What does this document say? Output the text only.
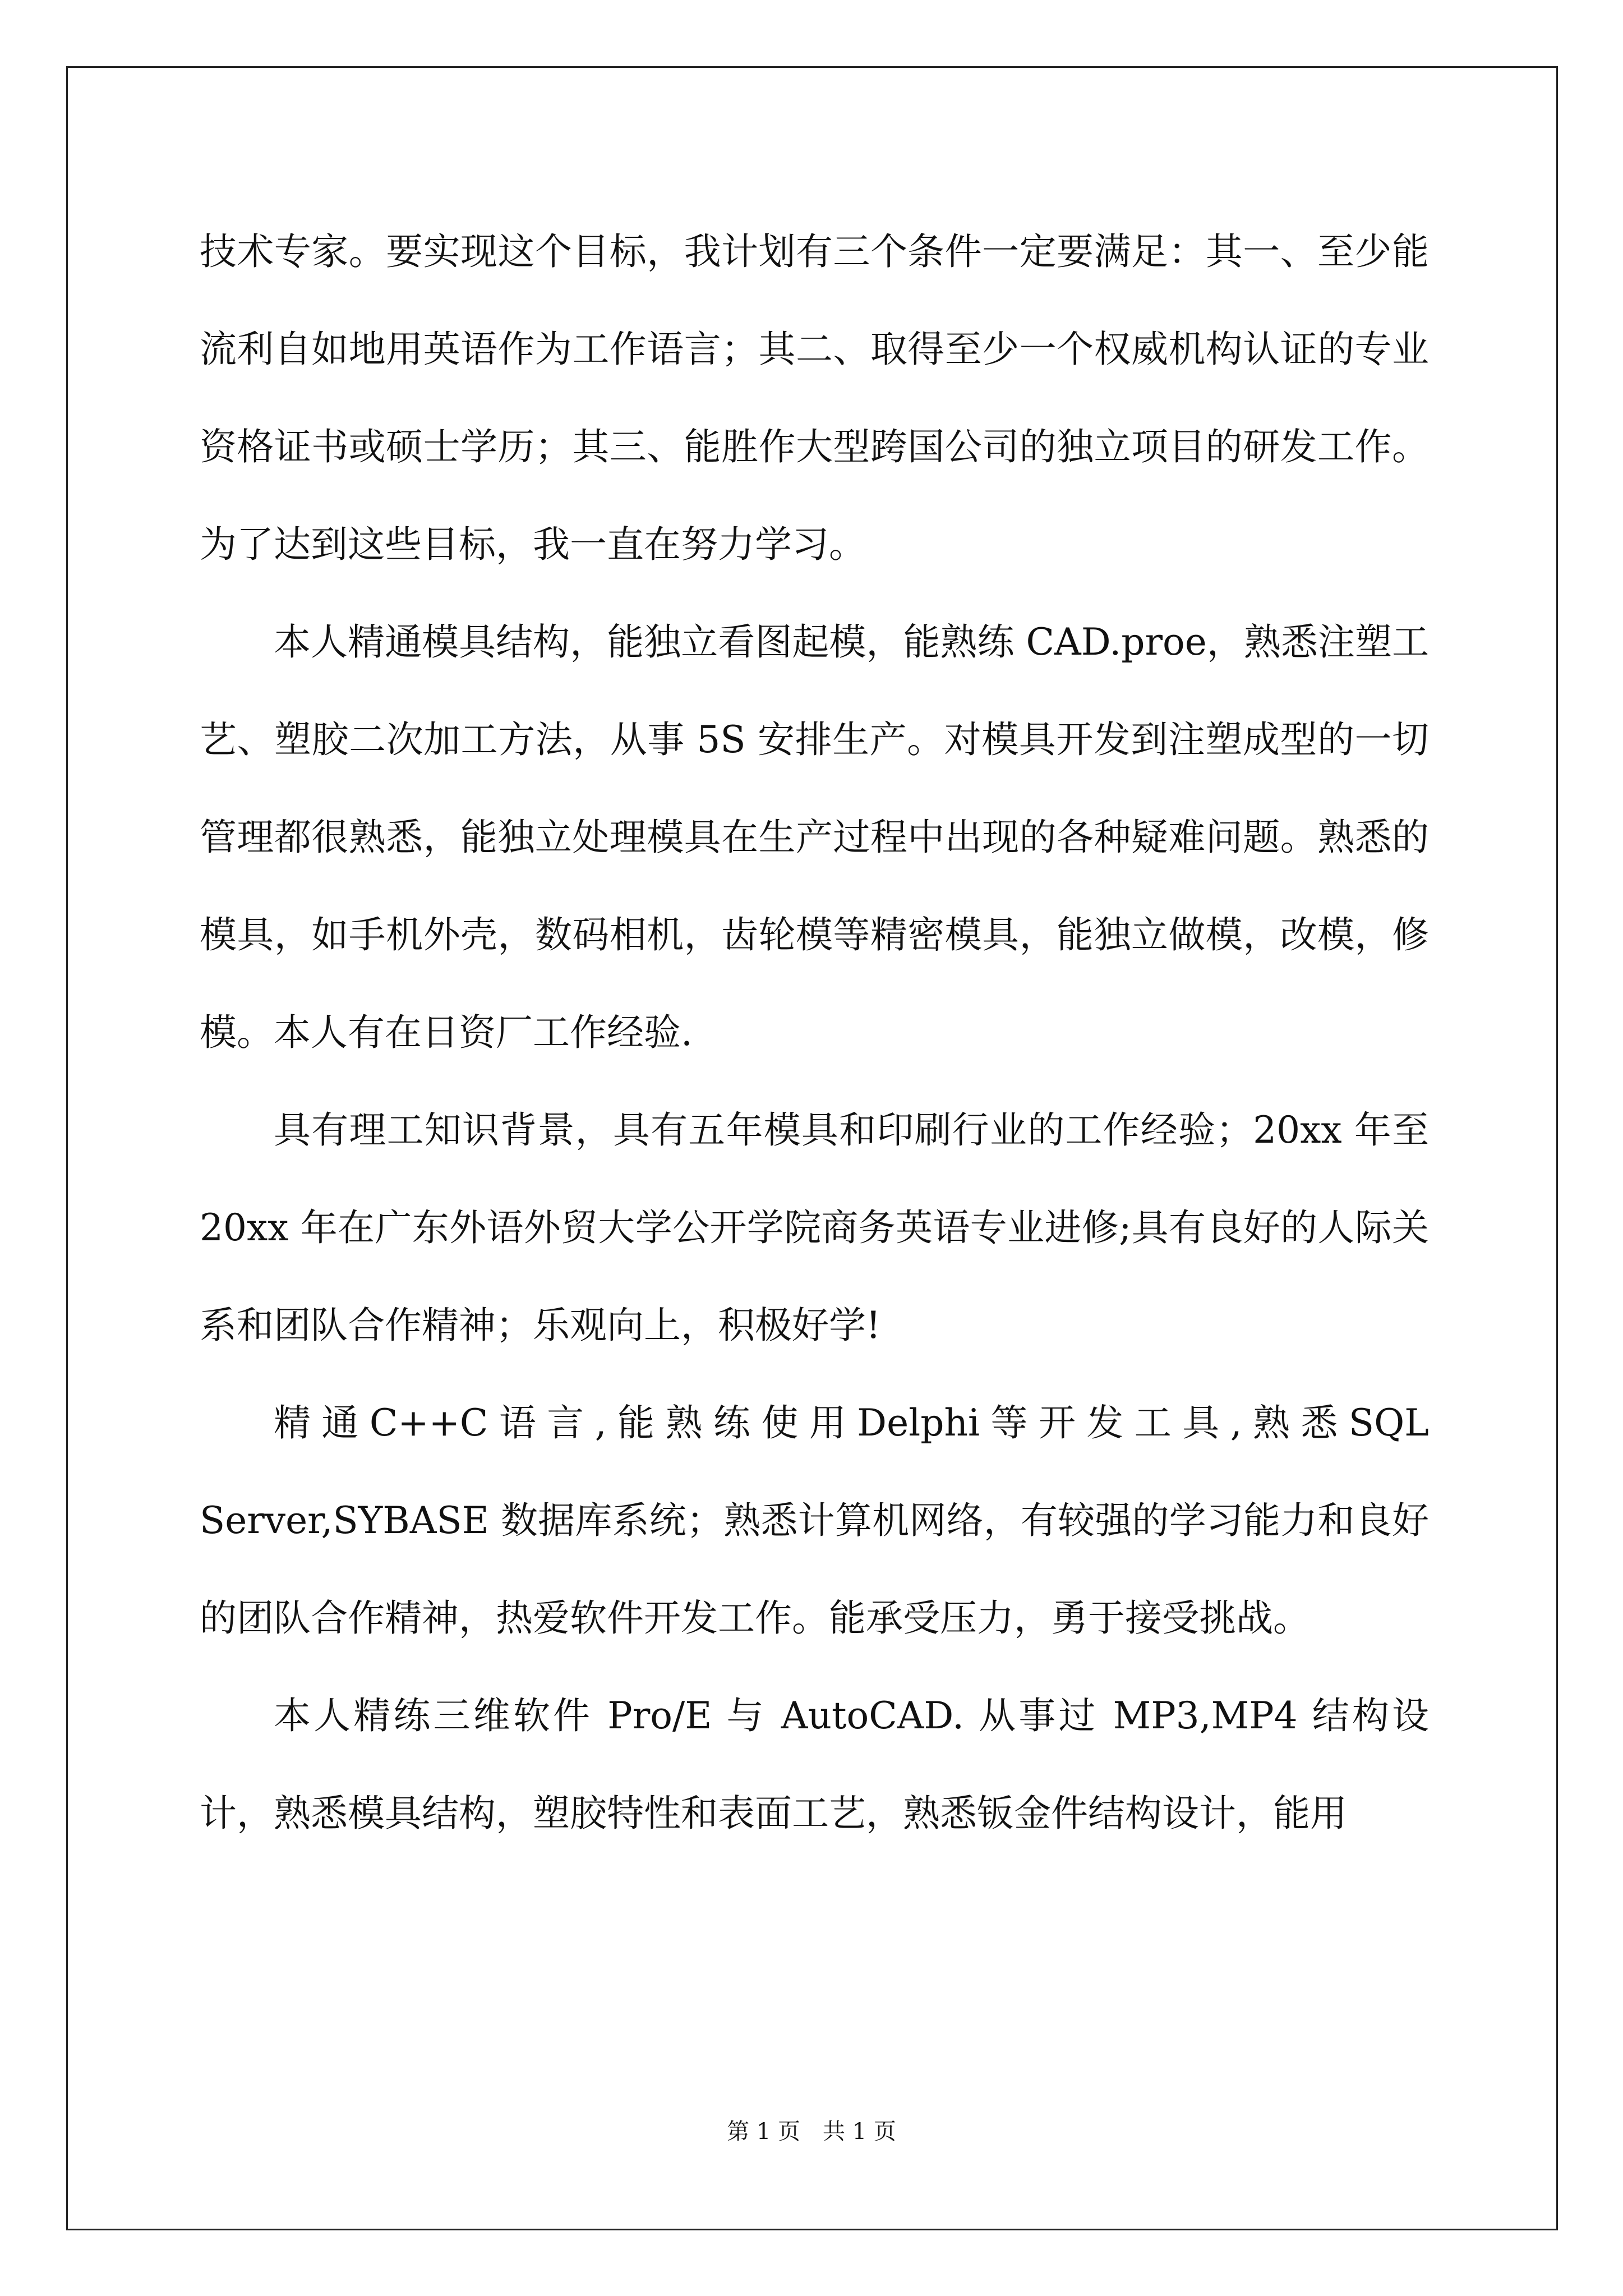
技术专家。要实现这个目标，我计划有三个条件一定要满足：其一、至少能流利自如地用英语作为工作语言；其二、取得至少一个权威机构认证的专业资格证书或硕士学历；其三、能胜作大型跨国公司的独立项目的研发工作。为了达到这些目标，我一直在努力学习。

本人精通模具结构，能独立看图起模，能熟练 CAD.proe，熟悉注塑工艺、塑胶二次加工方法，从事 5S 安排生产。对模具开发到注塑成型的一切管理都很熟悉，能独立处理模具在生产过程中出现的各种疑难问题。熟悉的模具，如手机外壳，数码相机，齿轮模等精密模具，能独立做模，改模，修模。本人有在日资厂工作经验.

具有理工知识背景，具有五年模具和印刷行业的工作经验；20xx 年至 20xx 年在广东外语外贸大学公开学院商务英语专业进修;具有良好的人际关系和团队合作精神；乐观向上，积极好学!

精通C++C语言,能熟练使用Delphi等开发工具,熟悉SQL Server,SYBASE 数据库系统；熟悉计算机网络，有较强的学习能力和良好的团队合作精神，热爱软件开发工作。能承受压力，勇于接受挑战。

本人精练三维软件 Pro/E 与 AutoCAD. 从事过 MP3,MP4 结构设计，熟悉模具结构，塑胶特性和表面工艺，熟悉钣金件结构设计，能用

第 1 页 共 1 页
